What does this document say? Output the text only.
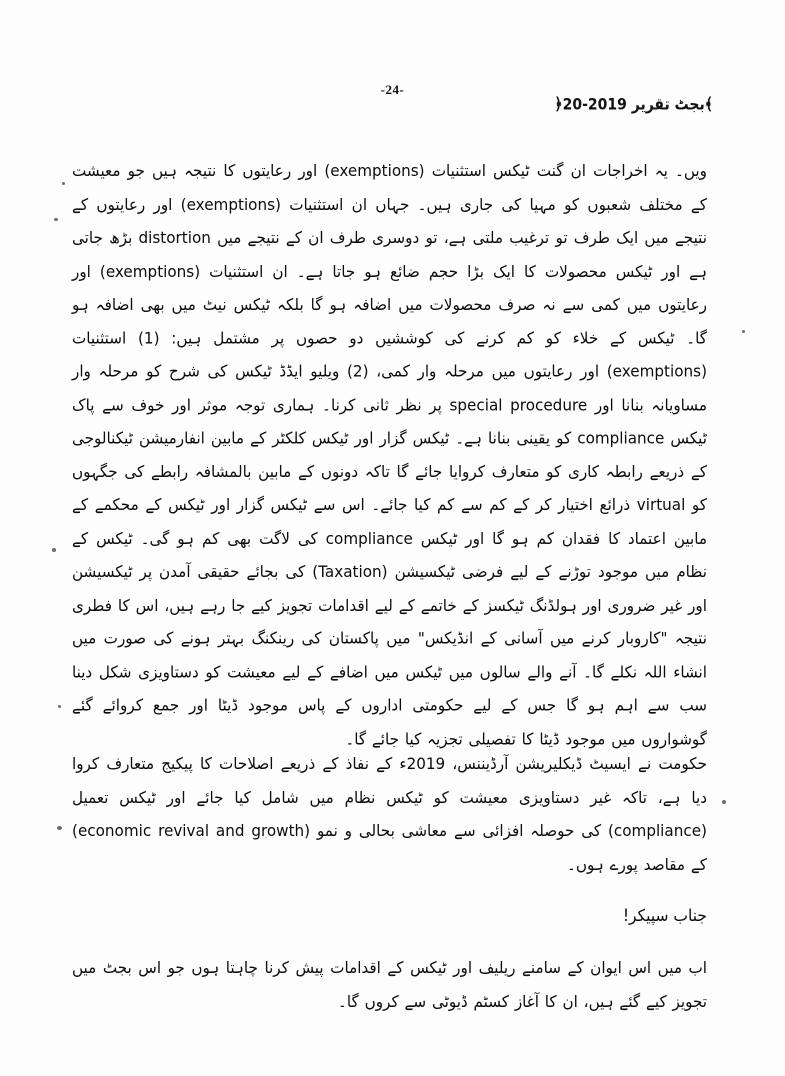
-24-
﴾بجٹ تقریر 2019-20﴿

ویں۔ یہ اخراجات ان گنت ٹیکس استثنیات (exemptions) اور رعایتوں کا نتیجہ ہیں جو معیشت کے مختلف شعبوں کو مہیا کی جاری ہیں۔ جہاں ان استثنیات (exemptions) اور رعایتوں کے نتیجے میں ایک طرف تو ترغیب ملتی ہے، تو دوسری طرف ان کے نتیجے میں distortion بڑھ جاتی ہے اور ٹیکس محصولات کا ایک بڑا حجم ضائع ہو جاتا ہے۔ ان استثنیات (exemptions) اور رعایتوں میں کمی سے نہ صرف محصولات میں اضافہ ہو گا بلکہ ٹیکس نیٹ میں بھی اضافہ ہو گا۔ ٹیکس کے خلاء کو کم کرنے کی کوششیں دو حصوں پر مشتمل ہیں: (1) استثنیات (exemptions) اور رعایتوں میں مرحلہ وار کمی، (2) ویلیو ایڈڈ ٹیکس کی شرح کو مرحلہ وار مساویانہ بنانا اور special procedure پر نظر ثانی کرنا۔ ہماری توجہ موثر اور خوف سے پاک ٹیکس compliance کو یقینی بنانا ہے۔ ٹیکس گزار اور ٹیکس کلکٹر کے مابین انفارمیشن ٹیکنالوجی کے ذریعے رابطہ کاری کو متعارف کروایا جائے گا تاکہ دونوں کے مابین بالمشافہ رابطے کی جگہوں کو virtual ذرائع اختیار کر کے کم سے کم کیا جائے۔ اس سے ٹیکس گزار اور ٹیکس کے محکمے کے مابین اعتماد کا فقدان کم ہو گا اور ٹیکس compliance کی لاگت بھی کم ہو گی۔ ٹیکس کے نظام میں موجود توڑنے کے لیے فرضی ٹیکسیشن (Taxation) کی بجائے حقیقی آمدن پر ٹیکسیشن اور غیر ضروری اور ہولڈنگ ٹیکسز کے خاتمے کے لیے اقدامات تجویز کیے جا رہے ہیں، اس کا فطری نتیجہ "کاروبار کرنے میں آسانی کے انڈیکس" میں پاکستان کی رینکنگ بہتر ہونے کی صورت میں انشاء اللہ نکلے گا۔ آنے والے سالوں میں ٹیکس میں اضافے کے لیے معیشت کو دستاویزی شکل دینا سب سے اہم ہو گا جس کے لیے حکومتی اداروں کے پاس موجود ڈیٹا اور جمع کروائے گئے گوشواروں میں موجود ڈیٹا کا تفصیلی تجزیہ کیا جائے گا۔

حکومت نے ایسیٹ ڈیکلیریشن آرڈیننس، 2019ء کے نفاذ کے ذریعے اصلاحات کا پیکیج متعارف کروا دیا ہے، تاکہ غیر دستاویزی معیشت کو ٹیکس نظام میں شامل کیا جائے اور ٹیکس تعمیل (compliance) کی حوصلہ افزائی سے معاشی بحالی و نمو (economic revival and growth) کے مقاصد پورے ہوں۔

جناب سپیکر!

اب میں اس ایوان کے سامنے ریلیف اور ٹیکس کے اقدامات پیش کرنا چاہتا ہوں جو اس بجٹ میں تجویز کیے گئے ہیں، ان کا آغاز کسٹم ڈیوٹی سے کروں گا۔
